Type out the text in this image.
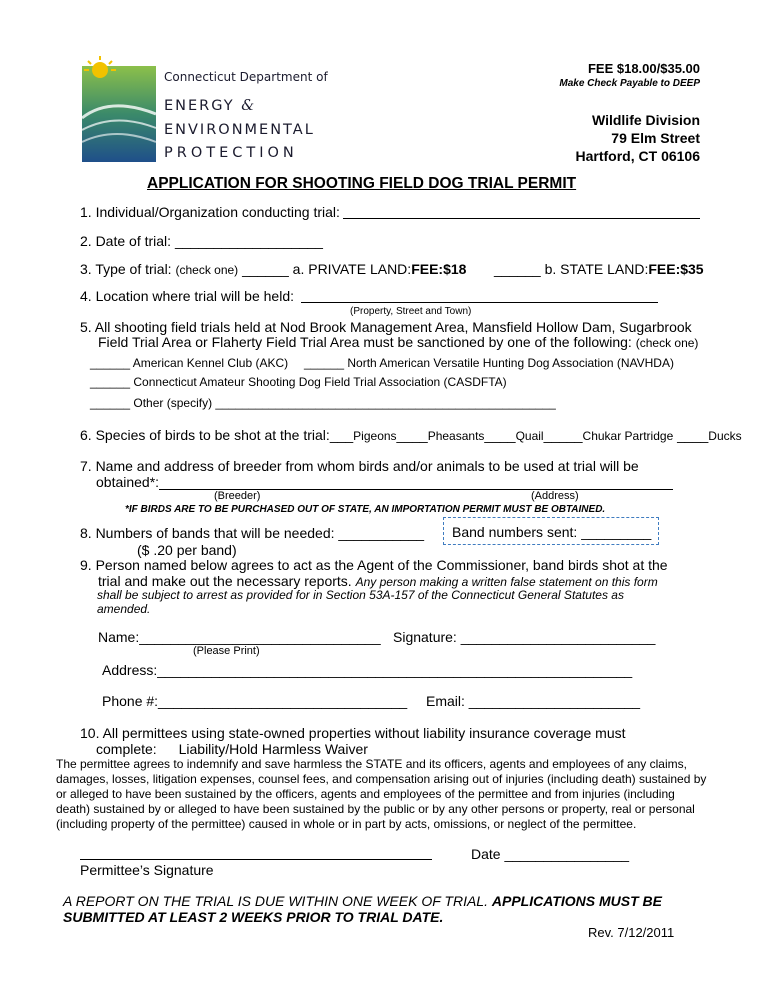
Connecticut Department of
ENERGY &
ENVIRONMENTAL
PROTECTION
FEE $18.00/$35.00
Make Check Payable to DEEP
Wildlife Division
79 Elm Street
Hartford, CT 06106
APPLICATION FOR SHOOTING FIELD DOG TRIAL PERMIT
1. Individual/Organization conducting trial:
2. Date of trial: ___________________
3. Type of trial: (check one) ______ a. PRIVATE LAND:FEE:$18 ______ b. STATE LAND:FEE:$35
4. Location where trial will be held:
(Property, Street and Town)
5. All shooting field trials held at Nod Brook Management Area, Mansfield Hollow Dam, Sugarbrook
Field Trial Area or Flaherty Field Trial Area must be sanctioned by one of the following: (check one)
______ American Kennel Club (AKC) ______ North American Versatile Hunting Dog Association (NAVHDA)
______ Connecticut Amateur Shooting Dog Field Trial Association (CASDFTA)
______ Other (specify) ___________________________________________________
6. Species of birds to be shot at the trial:___Pigeons____Pheasants____Quail_____Chukar Partridge ____Ducks
7. Name and address of breeder from whom birds and/or animals to be used at trial will be
obtained*:
(Breeder)	(Address)
*IF BIRDS ARE TO BE PURCHASED OUT OF STATE, AN IMPORTATION PERMIT MUST BE OBTAINED.
8. Numbers of bands that will be needed: ___________
($ .20 per band)
Band numbers sent: _________
9. Person named below agrees to act as the Agent of the Commissioner, band birds shot at the
trial and make out the necessary reports. Any person making a written false statement on this form
shall be subject to arrest as provided for in Section 53A-157 of the Connecticut General Statutes as
amended.
Name:_______________________________ Signature: _________________________
(Please Print)
Address:_____________________________________________________________
Phone #:________________________________ Email: ______________________
10. All permittees using state-owned properties without liability insurance coverage must
complete: Liability/Hold Harmless Waiver
The permittee agrees to indemnify and save harmless the STATE and its officers, agents and employees of any claims,
damages, losses, litigation expenses, counsel fees, and compensation arising out of injuries (including death) sustained by
or alleged to have been sustained by the officers, agents and employees of the permittee and from injuries (including
death) sustained by or alleged to have been sustained by the public or by any other persons or property, real or personal
(including property of the permittee) caused in whole or in part by acts, omissions, or neglect of the permittee.
Permittee’s Signature
Date ________________
A REPORT ON THE TRIAL IS DUE WITHIN ONE WEEK OF TRIAL. APPLICATIONS MUST BE
SUBMITTED AT LEAST 2 WEEKS PRIOR TO TRIAL DATE.
Rev. 7/12/2011
